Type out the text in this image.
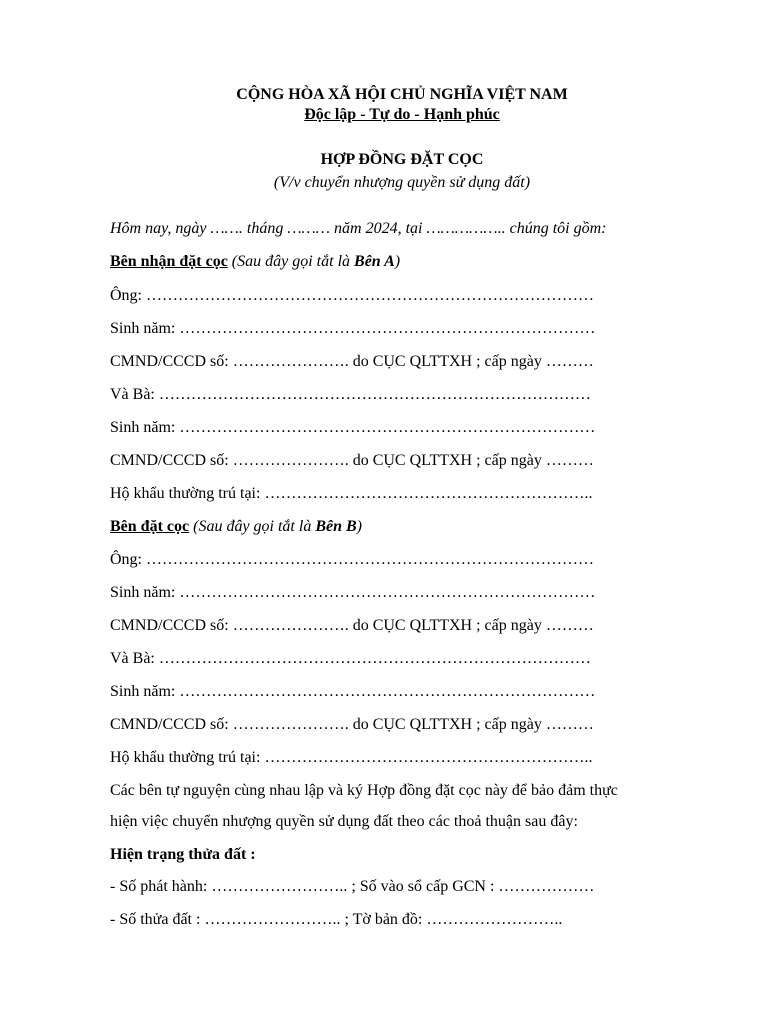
CỘNG HÒA XÃ HỘI CHỦ NGHĨA VIỆT NAM
Độc lập - Tự do - Hạnh phúc
HỢP ĐỒNG ĐẶT CỌC
(V/v chuyển nhượng quyền sử dụng đất)
Hôm nay, ngày ……. tháng ……… năm 2024, tại …………….. chúng tôi gồm:
Bên nhận đặt cọc (Sau đây gọi tắt là Bên A)
Ông: …………………………………………………………………………
Sinh năm: ……………………………………………………………………
CMND/CCCD số: …………………. do CỤC QLTTXH ; cấp ngày ………
Và Bà: ………………………………………………………………………
Sinh năm: ……………………………………………………………………
CMND/CCCD số: …………………. do CỤC QLTTXH ; cấp ngày ………
Hộ khẩu thường trú tại: ……………………………………………………..
Bên đặt cọc (Sau đây gọi tắt là Bên B)
Ông: …………………………………………………………………………
Sinh năm: ……………………………………………………………………
CMND/CCCD số: …………………. do CỤC QLTTXH ; cấp ngày ………
Và Bà: ………………………………………………………………………
Sinh năm: ……………………………………………………………………
CMND/CCCD số: …………………. do CỤC QLTTXH ; cấp ngày ………
Hộ khẩu thường trú tại: ……………………………………………………..
Các bên tự nguyện cùng nhau lập và ký Hợp đồng đặt cọc này để bảo đảm thực
hiện việc chuyển nhượng quyền sử dụng đất theo các thoả thuận sau đây:
Hiện trạng thửa đất :
- Số phát hành: …………………….. ; Số vào sổ cấp GCN : ………………
- Số thửa đất : …………………….. ; Tờ bản đồ: ……………………..
